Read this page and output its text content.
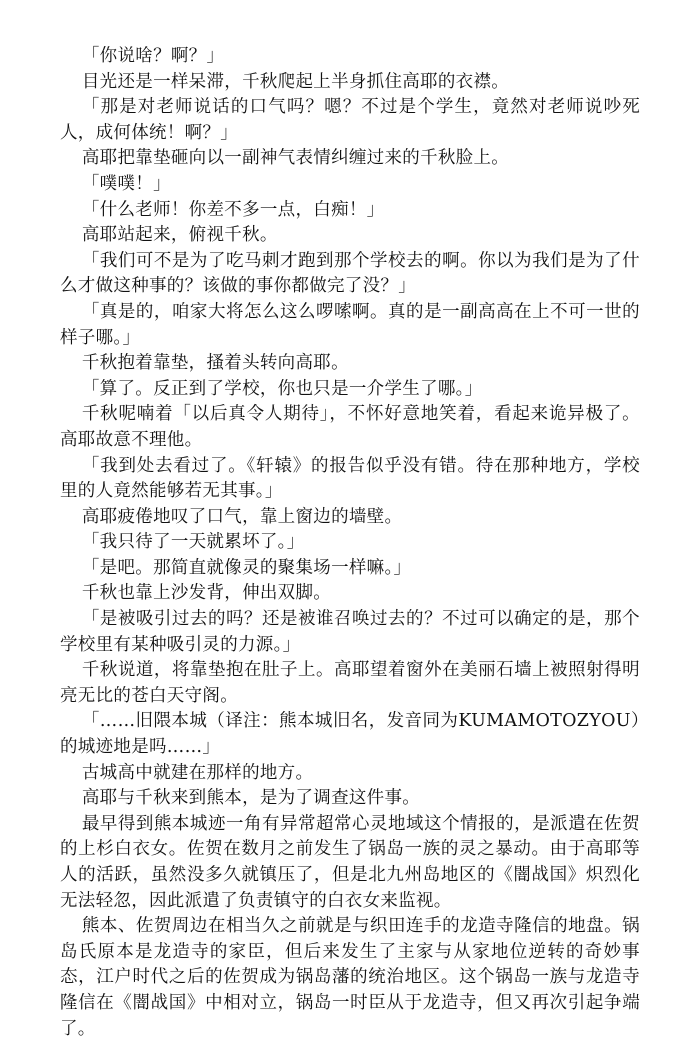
「你说啥？啊？」

目光还是一样呆滞，千秋爬起上半身抓住高耶的衣襟。

「那是对老师说话的口气吗？嗯？不过是个学生，竟然对老师说吵死人，成何体统！啊？」

高耶把靠垫砸向以一副神气表情纠缠过来的千秋脸上。

「噗噗！」

「什么老师！你差不多一点，白痴！」

高耶站起来，俯视千秋。

「我们可不是为了吃马刺才跑到那个学校去的啊。你以为我们是为了什么才做这种事的？该做的事你都做完了没？」

「真是的，咱家大将怎么这么啰嗦啊。真的是一副高高在上不可一世的样子哪。」

千秋抱着靠垫，搔着头转向高耶。

「算了。反正到了学校，你也只是一介学生了哪。」

千秋呢喃着「以后真令人期待」，不怀好意地笑着，看起来诡异极了。高耶故意不理他。

「我到处去看过了。《轩辕》的报告似乎没有错。待在那种地方，学校里的人竟然能够若无其事。」

高耶疲倦地叹了口气，靠上窗边的墙壁。

「我只待了一天就累坏了。」

「是吧。那简直就像灵的聚集场一样嘛。」

千秋也靠上沙发背，伸出双脚。

「是被吸引过去的吗？还是被谁召唤过去的？不过可以确定的是，那个学校里有某种吸引灵的力源。」

千秋说道，将靠垫抱在肚子上。高耶望着窗外在美丽石墙上被照射得明亮无比的苍白天守阁。

「……旧隈本城（译注：熊本城旧名，发音同为KUMAMOTOZYOU）的城迹地是吗……」

古城高中就建在那样的地方。

高耶与千秋来到熊本，是为了调查这件事。

最早得到熊本城迹一角有异常超常心灵地域这个情报的，是派遣在佐贺的上杉白衣女。佐贺在数月之前发生了锅岛一族的灵之暴动。由于高耶等人的活跃，虽然没多久就镇压了，但是北九州岛地区的《闇战国》炽烈化无法轻忽，因此派遣了负责镇守的白衣女来监视。

熊本、佐贺周边在相当久之前就是与织田连手的龙造寺隆信的地盘。锅岛氏原本是龙造寺的家臣，但后来发生了主家与从家地位逆转的奇妙事态，江户时代之后的佐贺成为锅岛藩的统治地区。这个锅岛一族与龙造寺隆信在《闇战国》中相对立，锅岛一时臣从于龙造寺，但又再次引起争端了。
